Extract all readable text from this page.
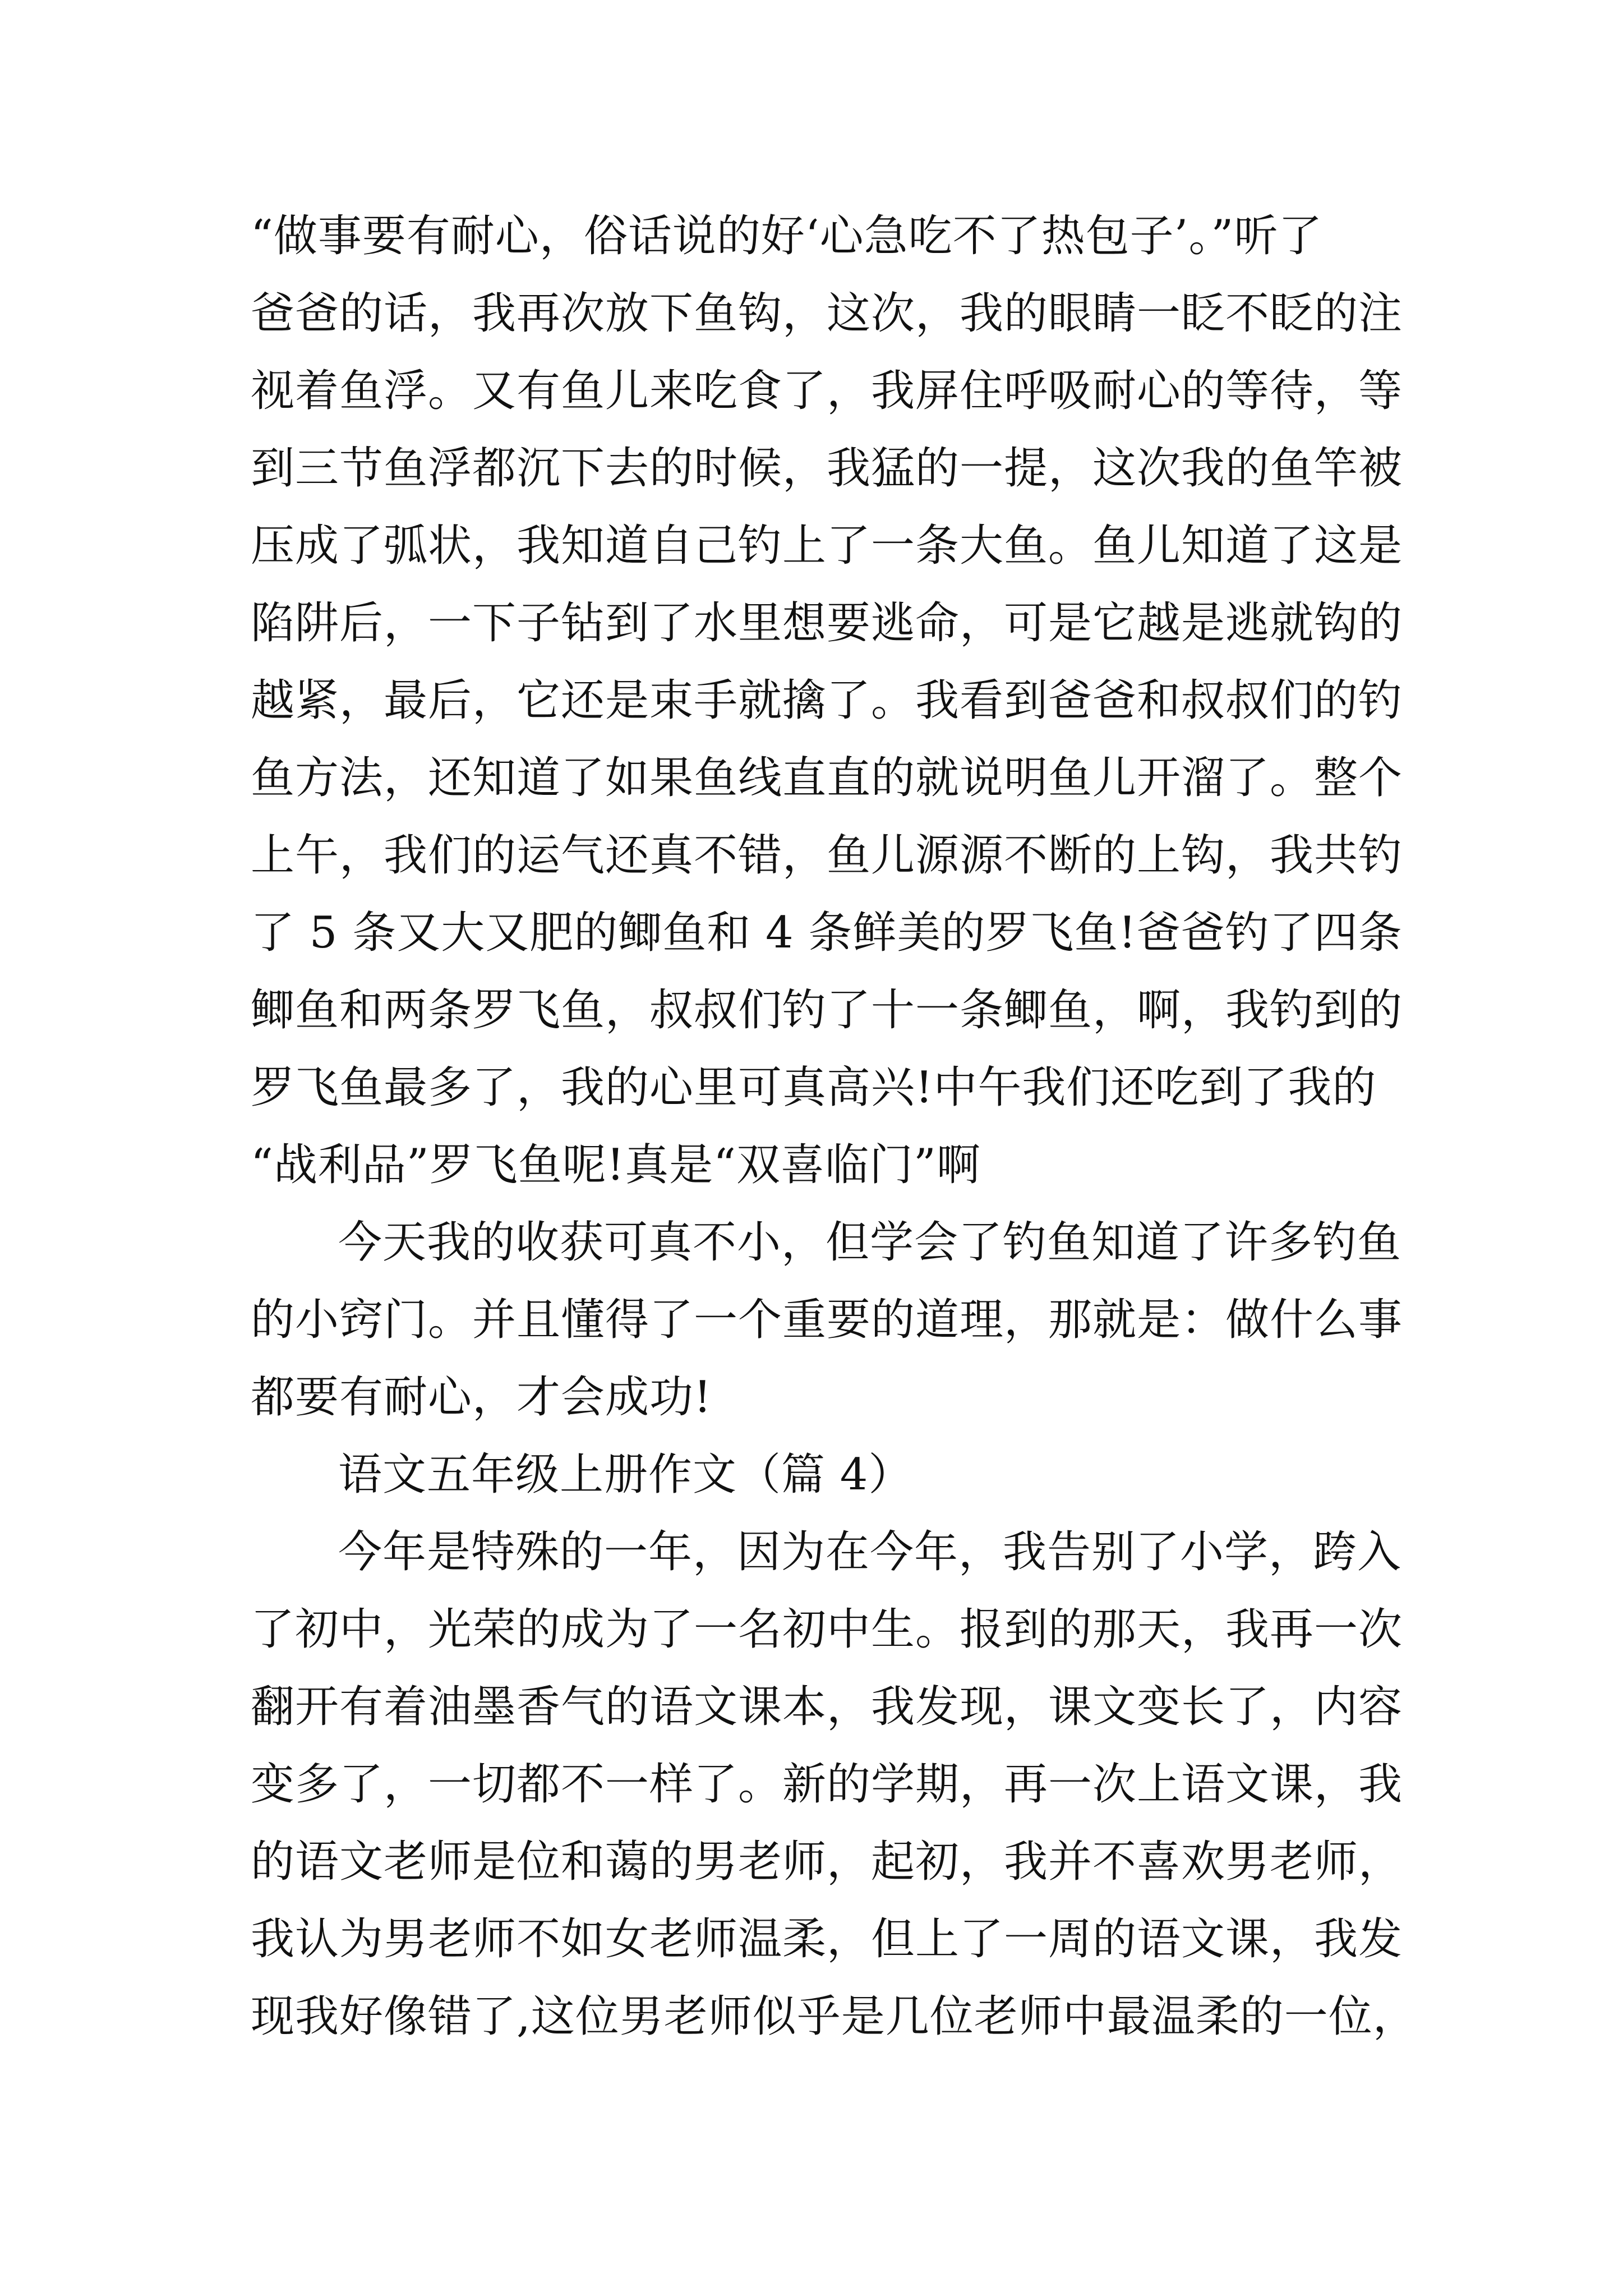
“做事要有耐心，俗话说的好‘心急吃不了热包子’。”听了
爸爸的话，我再次放下鱼钩，这次，我的眼睛一眨不眨的注
视着鱼浮。又有鱼儿来吃食了，我屏住呼吸耐心的等待，等
到三节鱼浮都沉下去的时候，我猛的一提，这次我的鱼竿被
压成了弧状，我知道自己钓上了一条大鱼。鱼儿知道了这是
陷阱后，一下子钻到了水里想要逃命，可是它越是逃就钩的
越紧，最后，它还是束手就擒了。我看到爸爸和叔叔们的钓
鱼方法，还知道了如果鱼线直直的就说明鱼儿开溜了。整个
上午，我们的运气还真不错，鱼儿源源不断的上钩，我共钓
了 5 条又大又肥的鲫鱼和 4 条鲜美的罗飞鱼!爸爸钓了四条
鲫鱼和两条罗飞鱼，叔叔们钓了十一条鲫鱼，啊，我钓到的
罗飞鱼最多了，我的心里可真高兴!中午我们还吃到了我的
“战利品”罗飞鱼呢!真是“双喜临门”啊
今天我的收获可真不小，但学会了钓鱼知道了许多钓鱼
的小窍门。并且懂得了一个重要的道理，那就是：做什么事
都要有耐心，才会成功!
语文五年级上册作文（篇 4）
今年是特殊的一年，因为在今年，我告别了小学，跨入
了初中，光荣的成为了一名初中生。报到的那天，我再一次
翻开有着油墨香气的语文课本，我发现，课文变长了，内容
变多了，一切都不一样了。新的学期，再一次上语文课，我
的语文老师是位和蔼的男老师，起初，我并不喜欢男老师，
我认为男老师不如女老师温柔，但上了一周的语文课，我发
现我好像错了,这位男老师似乎是几位老师中最温柔的一位，
